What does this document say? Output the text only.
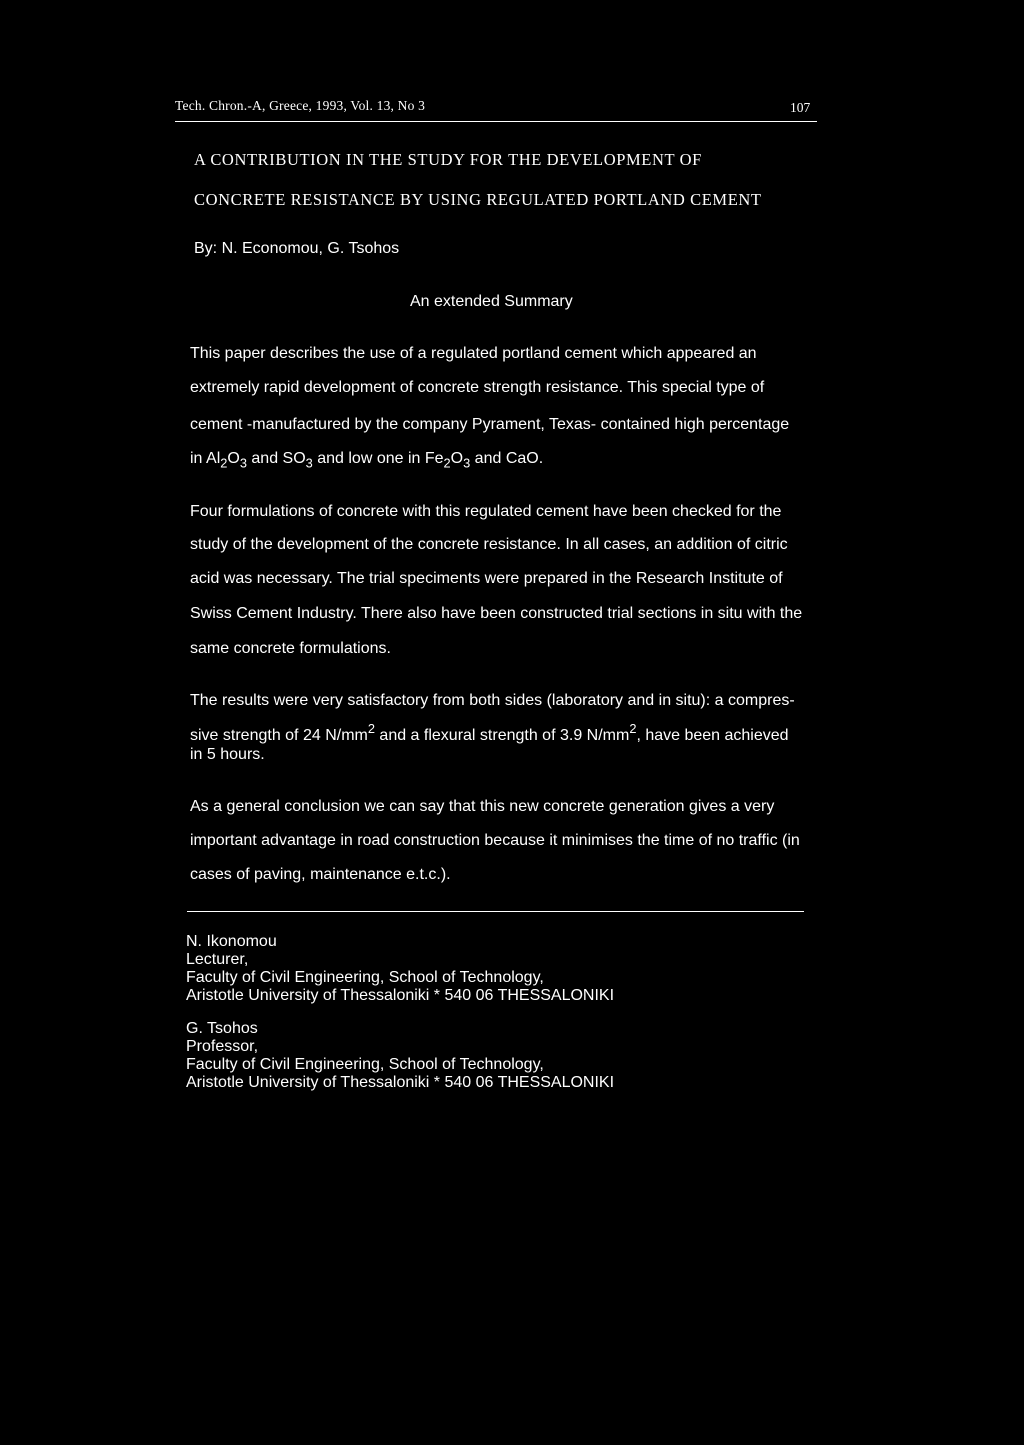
Tech. Chron.-A, Greece, 1993, Vol. 13, No 3	107
A CONTRIBUTION IN THE STUDY FOR THE DEVELOPMENT OF
CONCRETE RESISTANCE BY USING REGULATED PORTLAND CEMENT
By: N. Economou, G. Tsohos
An extended Summary
This paper describes the use of a regulated portland cement which appeared an
extremely rapid development of concrete strength resistance. This special type of
cement -manufactured by the company Pyrament, Texas- contained high percentage
in $Al_2O_3$ and $SO_3$ and low one in $Fe_2O_3$ and CaO.
Four formulations of concrete with this regulated cement have been checked for the
study of the development of the concrete resistance. In all cases, an addition of citric
acid was necessary. The trial speciments were prepared in the Research Institute of
Swiss Cement Industry. There also have been constructed trial sections in situ with the
same concrete formulations.
The results were very satisfactory from both sides (laboratory and in situ): a compres-
sive strength of 24 $N/mm^2$ and a flexural strength of 3.9 $N/mm^2$, have been achieved
in 5 hours.
As a general conclusion we can say that this new concrete generation gives a very
important advantage in road construction because it minimises the time of no traffic (in
cases of paving, maintenance e.t.c.).
N. Ikonomou
Lecturer,
Faculty of Civil Engineering, School of Technology,
Aristotle University of Thessaloniki * 540 06 THESSALONIKI
G. Tsohos
Professor,
Faculty of Civil Engineering, School of Technology,
Aristotle University of Thessaloniki * 540 06 THESSALONIKI
